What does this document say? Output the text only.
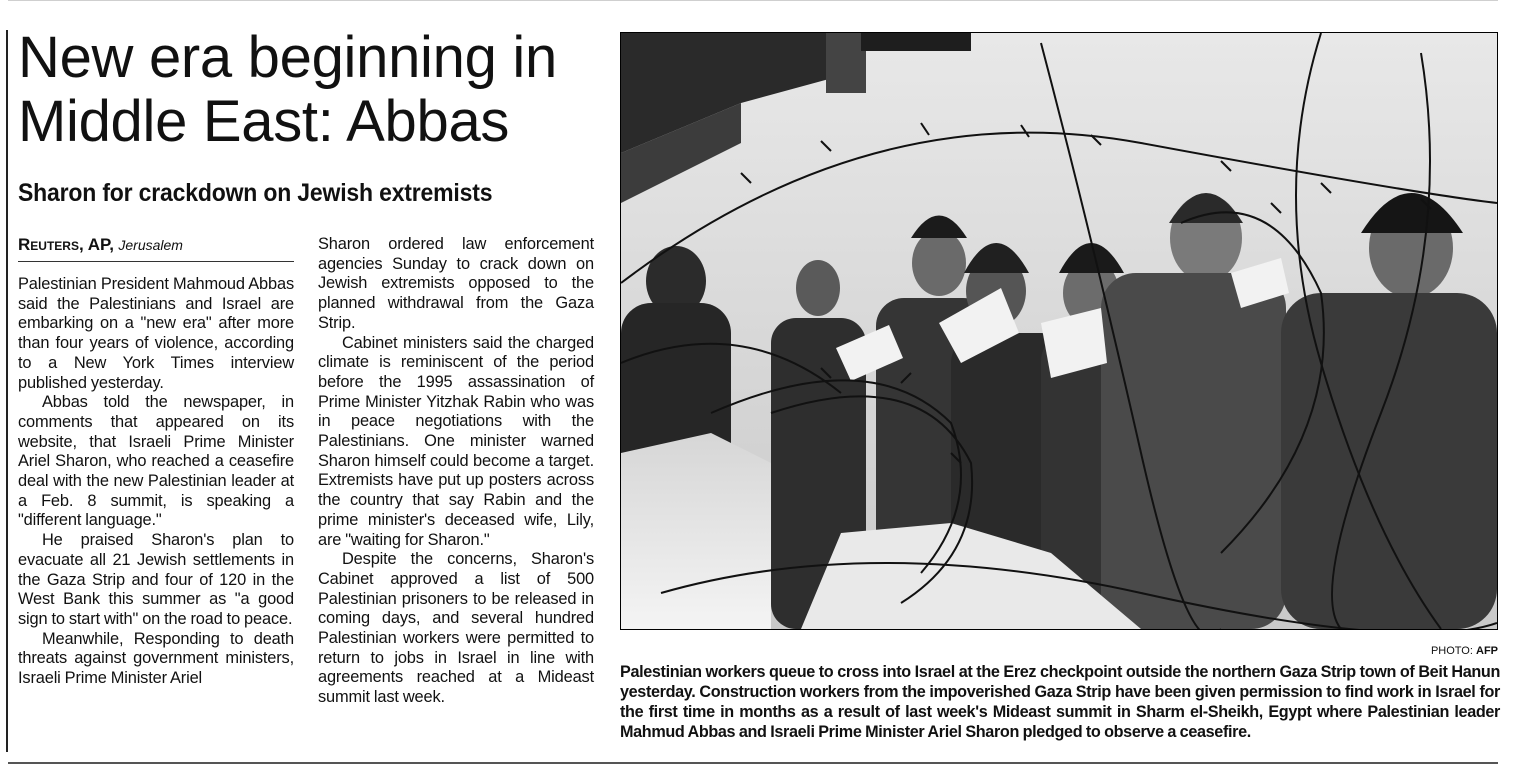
New era beginning in Middle East: Abbas
Sharon for crackdown on Jewish extremists
Reuters, AP, Jerusalem

Palestinian President Mahmoud Abbas said the Palestinians and Israel are embarking on a "new era" after more than four years of violence, according to a New York Times interview published yesterday.

Abbas told the newspaper, in comments that appeared on its website, that Israeli Prime Minister Ariel Sharon, who reached a ceasefire deal with the new Palestinian leader at a Feb. 8 summit, is speaking a "different language."

He praised Sharon's plan to evacuate all 21 Jewish settlements in the Gaza Strip and four of 120 in the West Bank this summer as "a good sign to start with" on the road to peace.

Meanwhile, Responding to death threats against government ministers, Israeli Prime Minister Ariel

Sharon ordered law enforcement agencies Sunday to crack down on Jewish extremists opposed to the planned withdrawal from the Gaza Strip.

Cabinet ministers said the charged climate is reminiscent of the period before the 1995 assassination of Prime Minister Yitzhak Rabin who was in peace negotiations with the Palestinians. One minister warned Sharon himself could become a target. Extremists have put up posters across the country that say Rabin and the prime minister's deceased wife, Lily, are "waiting for Sharon."

Despite the concerns, Sharon's Cabinet approved a list of 500 Palestinian prisoners to be released in coming days, and several hundred Palestinian workers were permitted to return to jobs in Israel in line with agreements reached at a Mideast summit last week.

PHOTO: AFP

Palestinian workers queue to cross into Israel at the Erez checkpoint outside the northern Gaza Strip town of Beit Hanun yesterday. Construction workers from the impoverished Gaza Strip have been given permission to find work in Israel for the first time in months as a result of last week's Mideast summit in Sharm el-Sheikh, Egypt where Palestinian leader Mahmud Abbas and Israeli Prime Minister Ariel Sharon pledged to observe a ceasefire.
